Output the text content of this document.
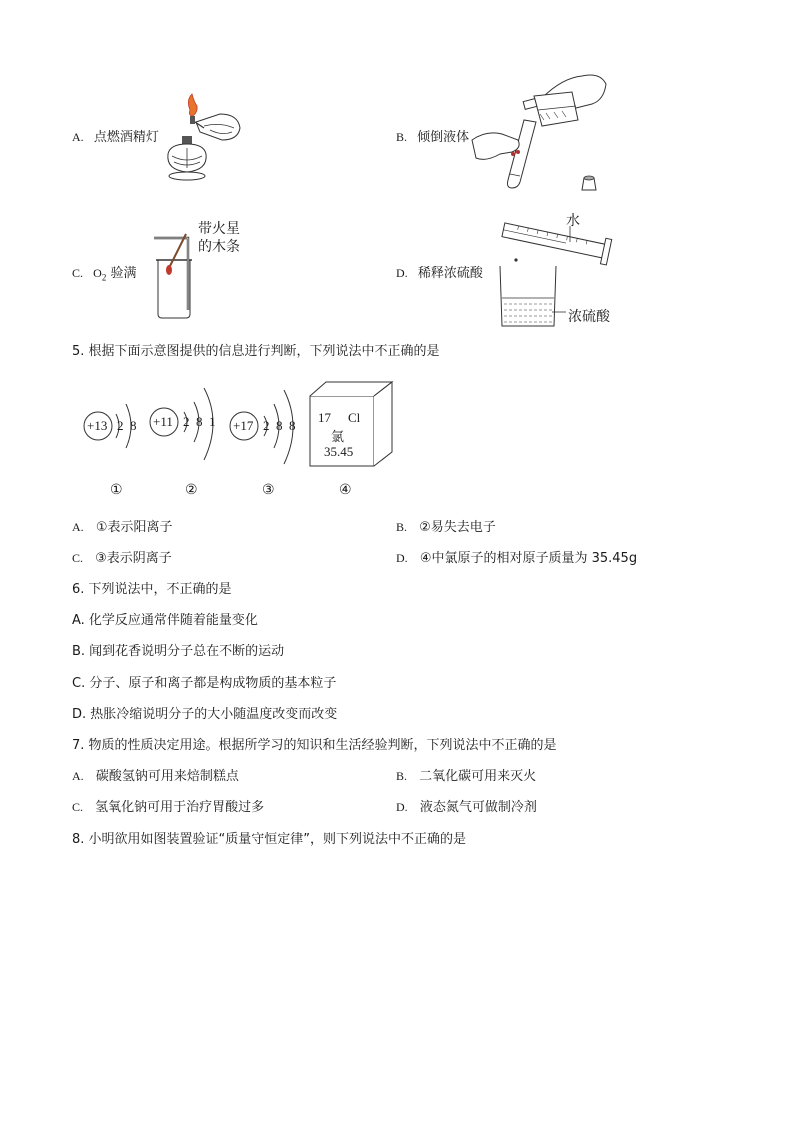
A. 点燃酒精灯	B. 倾倒液体
C. $O_2$ 验满
带火星
的木条
D. 稀释浓硫酸
水
浓硫酸
5. 根据下面示意图提供的信息进行判断，下列说法中不正确的是
+13 2  8 +11 2  8  1 +17 2  8  8
17 Cl
氯
35.45
①	②	③	④
A. ①表示阳离子	B. ②易失去电子
C. ③表示阴离子	D. ④中氯原子的相对原子质量为 35.45g
6. 下列说法中，不正确的是
A. 化学反应通常伴随着能量变化
B. 闻到花香说明分子总在不断的运动
C. 分子、原子和离子都是构成物质的基本粒子
D. 热胀冷缩说明分子的大小随温度改变而改变
7. 物质的性质决定用途。根据所学习的知识和生活经验判断，下列说法中不正确的是
A. 碳酸氢钠可用来焙制糕点	B. 二氧化碳可用来灭火
C. 氢氧化钠可用于治疗胃酸过多	D. 液态氮气可做制冷剂
8. 小明欲用如图装置验证“质量守恒定律”，则下列说法中不正确的是
